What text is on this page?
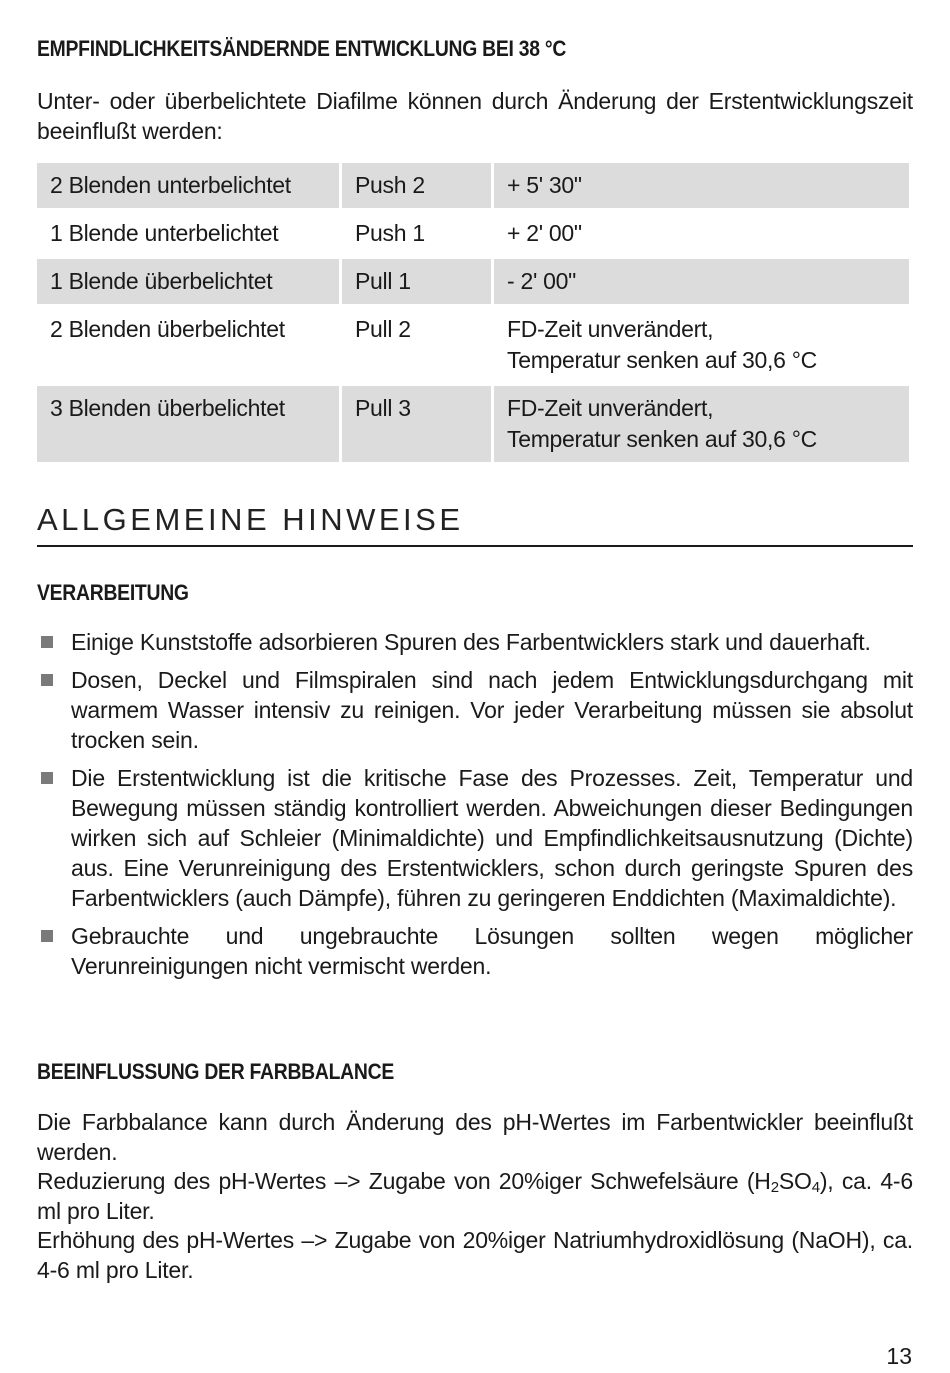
EMPFINDLICHKEITSÄNDERNDE ENTWICKLUNG BEI 38 °C
Unter- oder überbelichtete Diafilme können durch Änderung der Erstentwicklungszeit beeinflußt werden:
2 Blenden unterbelichtet	Push 2	+ 5' 30"

1 Blende unterbelichtet	Push 1	+ 2' 00"

1 Blende überbelichtet	Pull 1	- 2' 00"

2 Blenden überbelichtet	Pull 2	FD-Zeit unverändert,
Temperatur senken auf 30,6 °C

3 Blenden überbelichtet	Pull 3	FD-Zeit unverändert,
Temperatur senken auf 30,6 °C
ALLGEMEINE HINWEISE
VERARBEITUNG
Einige Kunststoffe adsorbieren Spuren des Farbentwicklers stark und dauerhaft.
Dosen, Deckel und Filmspiralen sind nach jedem Entwicklungsdurchgang mit warmem Wasser intensiv zu reinigen. Vor jeder Verarbeitung müssen sie absolut trocken sein.
Die Erstentwicklung ist die kritische Fase des Prozesses. Zeit, Temperatur und Bewegung müssen ständig kontrolliert werden. Abweichungen dieser Bedingungen wirken sich auf Schleier (Minimaldichte) und Empfindlichkeitsausnutzung (Dichte) aus. Eine Verunreinigung des Erstentwicklers, schon durch geringste Spuren des Farbentwicklers (auch Dämpfe), führen zu geringeren Enddichten (Maximaldichte).
Gebrauchte und ungebrauchte Lösungen sollten wegen möglicher Verunreinigungen nicht vermischt werden.
BEEINFLUSSUNG DER FARBBALANCE
Die Farbbalance kann durch Änderung des pH-Wertes im Farbentwickler beeinflußt werden.
Reduzierung des pH-Wertes –> Zugabe von 20%iger Schwefelsäure $(H_2SO_4)$, ca. 4-6 ml pro Liter.
Erhöhung des pH-Wertes –> Zugabe von 20%iger Natriumhydroxidlösung (NaOH), ca. 4-6 ml pro Liter.
13
